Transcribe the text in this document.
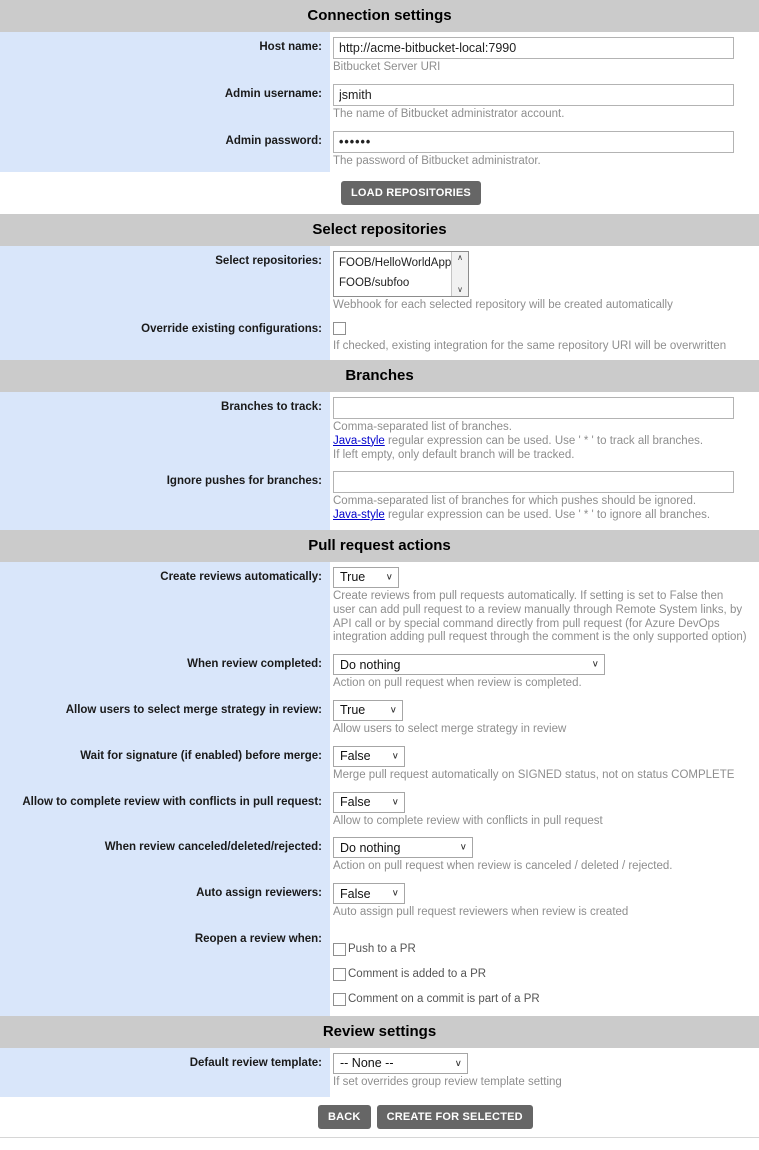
Connection settings
Host name:
http://acme-bitbucket-local:7990
Bitbucket Server URI
Admin username:
jsmith
The name of Bitbucket administrator account.
Admin password:
••••••
The password of Bitbucket administrator.
LOAD REPOSITORIES
Select repositories
Select repositories:	FOOB/HelloWorldApp
FOOB/subfoo
∧
∨
Webhook for each selected repository will be created automatically
Override existing configurations:
If checked, existing integration for the same repository URI will be overwritten
Branches
Branches to track:
Comma-separated list of branches.
Java-style regular expression can be used. Use ' * ' to track all branches.
If left empty, only default branch will be tracked.
Ignore pushes for branches:
Comma-separated list of branches for which pushes should be ignored.
Java-style regular expression can be used. Use ' * ' to ignore all branches.
Pull request actions
Create reviews automatically:	True ∨
Create reviews from pull requests automatically. If setting is set to False then user can add pull request to a review manually through Remote System links, by API call or by special command directly from pull request (for Azure DevOps integration adding pull request through the comment is the only supported option)
When review completed:	Do nothing	∨
Action on pull request when review is completed.
Allow users to select merge strategy in review:	True ∨
Allow users to select merge strategy in review
Wait for signature (if enabled) before merge:	False ∨
Merge pull request automatically on SIGNED status, not on status COMPLETE
Allow to complete review with conflicts in pull request:	False ∨
Allow to complete review with conflicts in pull request
When review canceled/deleted/rejected:	Do nothing	∨
Action on pull request when review is canceled / deleted / rejected.
Auto assign reviewers:	False ∨
Auto assign pull request reviewers when review is created
Reopen a review when:
Push to a PR
Comment is added to a PR
Comment on a commit is part of a PR
Review settings
Default review template:	-- None --	∨
If set overrides group review template setting
BACK	CREATE FOR SELECTED
